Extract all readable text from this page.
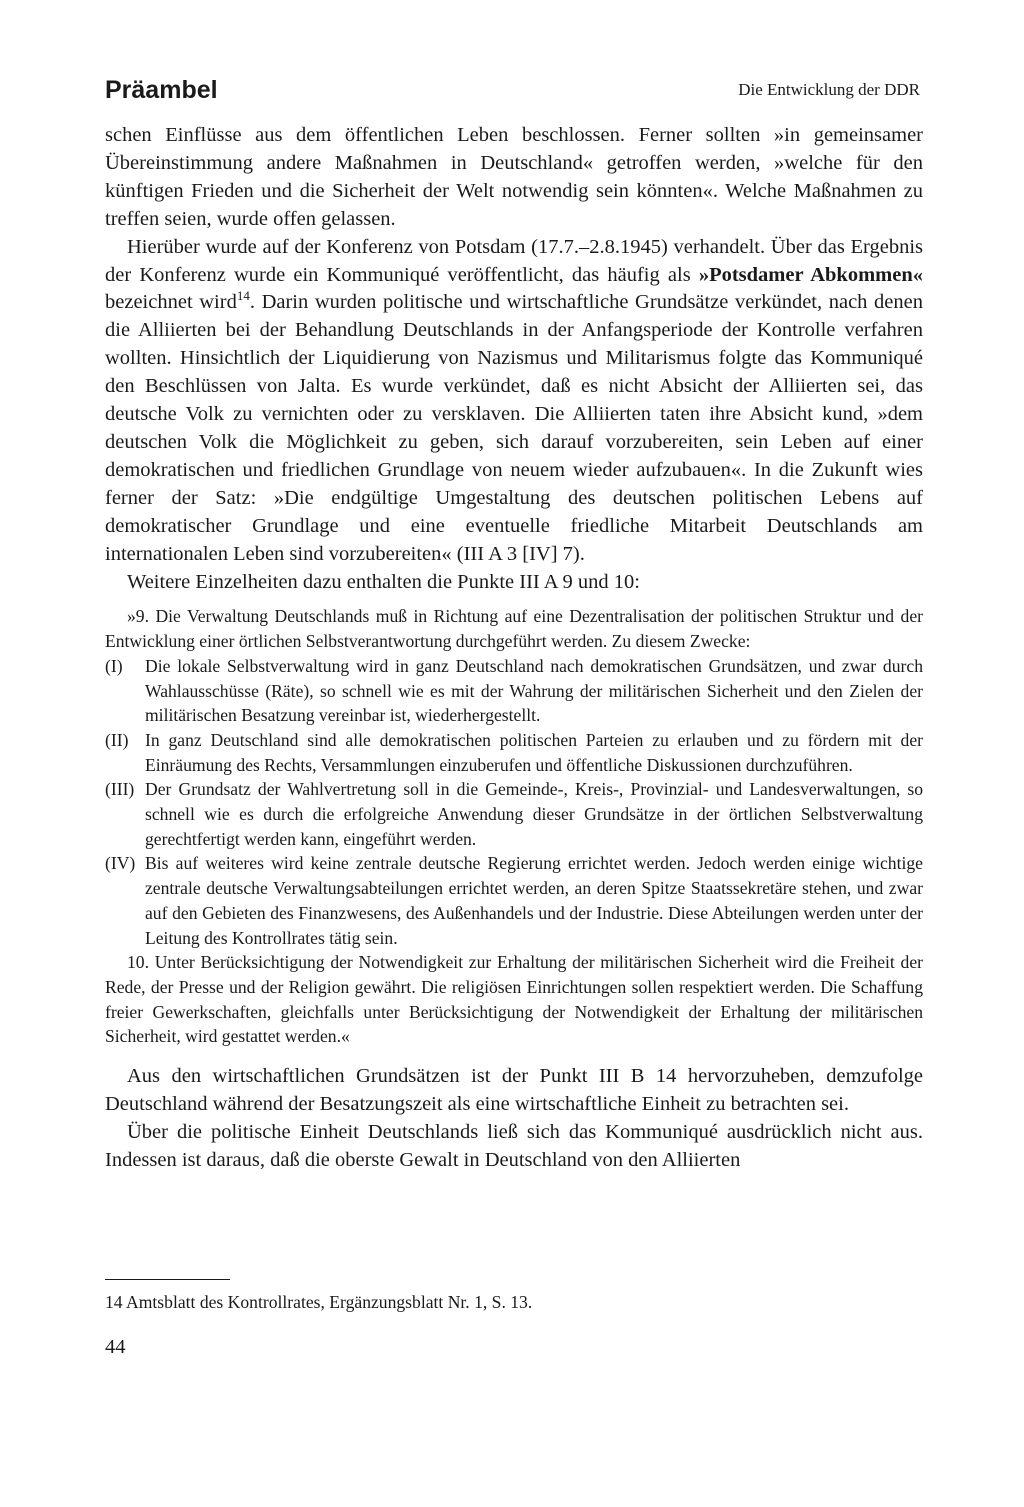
Präambel	Die Entwicklung der DDR

schen Einflüsse aus dem öffentlichen Leben beschlossen. Ferner sollten »in gemeinsamer Übereinstimmung andere Maßnahmen in Deutschland« getroffen werden, »welche für den künftigen Frieden und die Sicherheit der Welt notwendig sein könnten«. Welche Maßnahmen zu treffen seien, wurde offen gelassen.

Hierüber wurde auf der Konferenz von Potsdam (17.7.–2.8.1945) verhandelt. Über das Ergebnis der Konferenz wurde ein Kommuniqué veröffentlicht, das häufig als »Potsdamer Abkommen« bezeichnet wird$^{14}$. Darin wurden politische und wirtschaftliche Grundsätze verkündet, nach denen die Alliierten bei der Behandlung Deutschlands in der Anfangsperiode der Kontrolle verfahren wollten. Hinsichtlich der Liquidierung von Nazismus und Militarismus folgte das Kommuniqué den Beschlüssen von Jalta. Es wurde verkündet, daß es nicht Absicht der Alliierten sei, das deutsche Volk zu vernichten oder zu versklaven. Die Alliierten taten ihre Absicht kund, »dem deutschen Volk die Möglichkeit zu geben, sich darauf vorzubereiten, sein Leben auf einer demokratischen und friedlichen Grundlage von neuem wieder aufzubauen«. In die Zukunft wies ferner der Satz: »Die endgültige Umgestaltung des deutschen politischen Lebens auf demokratischer Grundlage und eine eventuelle friedliche Mitarbeit Deutschlands am internationalen Leben sind vorzubereiten« (III A 3 [IV] 7).

Weitere Einzelheiten dazu enthalten die Punkte III A 9 und 10:

»9. Die Verwaltung Deutschlands muß in Richtung auf eine Dezentralisation der politischen Struktur und der Entwicklung einer örtlichen Selbstverantwortung durchgeführt werden. Zu diesem Zwecke:

(I)	Die lokale Selbstverwaltung wird in ganz Deutschland nach demokratischen Grundsätzen, und zwar durch Wahlausschüsse (Räte), so schnell wie es mit der Wahrung der militärischen Sicherheit und den Zielen der militärischen Besatzung vereinbar ist, wiederhergestellt.

(II) In ganz Deutschland sind alle demokratischen politischen Parteien zu erlauben und zu fördern mit der Einräumung des Rechts, Versammlungen einzuberufen und öffentliche Diskussionen durchzuführen.

(III) Der Grundsatz der Wahlvertretung soll in die Gemeinde-, Kreis-, Provinzial- und Landesverwaltungen, so schnell wie es durch die erfolgreiche Anwendung dieser Grundsätze in der örtlichen Selbstverwaltung gerechtfertigt werden kann, eingeführt werden.

(IV) Bis auf weiteres wird keine zentrale deutsche Regierung errichtet werden. Jedoch werden einige wichtige zentrale deutsche Verwaltungsabteilungen errichtet werden, an deren Spitze Staatssekretäre stehen, und zwar auf den Gebieten des Finanzwesens, des Außenhandels und der Industrie. Diese Abteilungen werden unter der Leitung des Kontrollrates tätig sein.

10. Unter Berücksichtigung der Notwendigkeit zur Erhaltung der militärischen Sicherheit wird die Freiheit der Rede, der Presse und der Religion gewährt. Die religiösen Einrichtungen sollen respektiert werden. Die Schaffung freier Gewerkschaften, gleichfalls unter Berücksichtigung der Notwendigkeit der Erhaltung der militärischen Sicherheit, wird gestattet werden.«

Aus den wirtschaftlichen Grundsätzen ist der Punkt III B 14 hervorzuheben, demzufolge Deutschland während der Besatzungszeit als eine wirtschaftliche Einheit zu betrachten sei.

Über die politische Einheit Deutschlands ließ sich das Kommuniqué ausdrücklich nicht aus. Indessen ist daraus, daß die oberste Gewalt in Deutschland von den Alliierten

14 Amtsblatt des Kontrollrates, Ergänzungsblatt Nr. 1, S. 13.
44
